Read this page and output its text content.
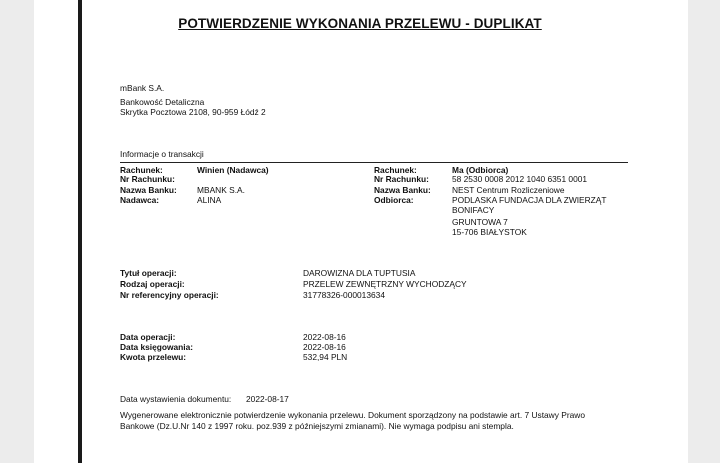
POTWIERDZENIE WYKONANIA PRZELEWU - DUPLIKAT
mBank S.A.
Bankowość Detaliczna
Skrytka Pocztowa 2108, 90-959 Łódź 2
Informacje o transakcji
Rachunek:	Winien (Nadawca)
Nr Rachunku:
Nazwa Banku: MBANK S.A.
Nadawca:	ALINA
Rachunek:	Ma (Odbiorca)
Nr Rachunku:	58 2530 0008 2012 1040 6351 0001
Nazwa Banku:	NEST Centrum Rozliczeniowe
Odbiorca:	PODLASKA FUNDACJA DLA ZWIERZĄT
BONIFACY
GRUNTOWA 7
15-706 BIAŁYSTOK
Tytuł operacji:	DAROWIZNA DLA TUPTUSIA
Rodzaj operacji:	PRZELEW ZEWNĘTRZNY WYCHODZĄCY
Nr referencyjny operacji:	31778326-000013634
Data operacji:	2022-08-16
Data księgowania:	2022-08-16
Kwota przelewu:	532,94 PLN
Data wystawienia dokumentu: 2022-08-17
Wygenerowane elektronicznie potwierdzenie wykonania przelewu. Dokument sporządzony na podstawie art. 7 Ustawy Prawo
Bankowe (Dz.U.Nr 140 z 1997 roku. poz.939 z późniejszymi zmianami). Nie wymaga podpisu ani stempla.
